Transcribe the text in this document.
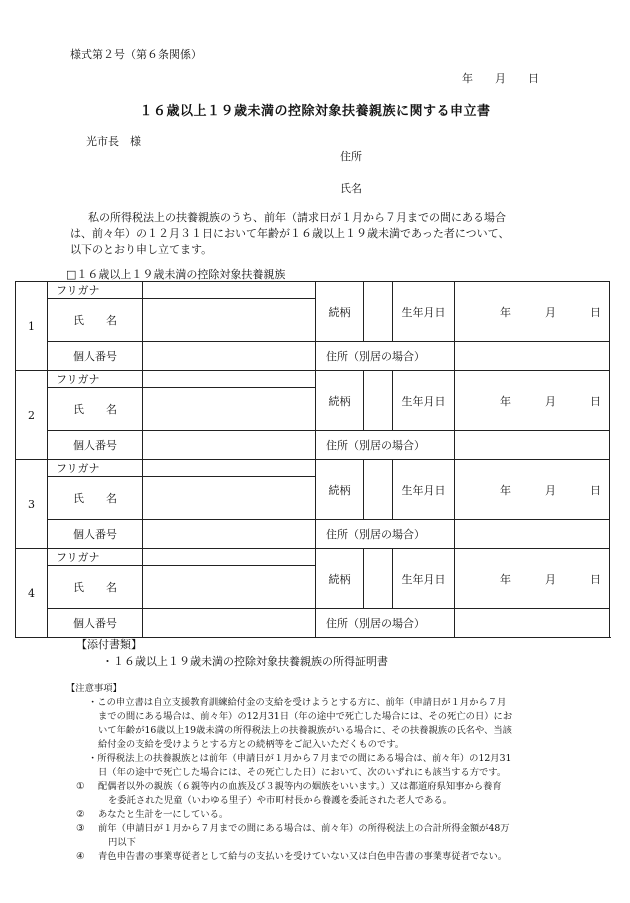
様式第２号（第６条関係）
年　　月　　日
１６歳以上１９歳未満の控除対象扶養親族に関する申立書
光市長　様
住所
氏名
私の所得税法上の扶養親族のうち、前年（請求日が１月から７月までの間にある場合
は、前々年）の１２月３１日において年齢が１６歳以上１９歳未満であった者について、
以下のとおり申し立てます。
□１６歳以上１９歳未満の控除対象扶養親族
1	フリガナ		続柄		生年月日	年 月 日
	氏　　名					
	個人番号		住所（別居の場合）			
2	フリガナ		続柄		生年月日	年 月 日
	氏　　名					
	個人番号		住所（別居の場合）			
3	フリガナ		続柄		生年月日	年 月 日
	氏　　名					
	個人番号		住所（別居の場合）			
4	フリガナ		続柄		生年月日	年 月 日
	氏　　名					
	個人番号		住所（別居の場合）			
【添付書類】
・１６歳以上１９歳未満の控除対象扶養親族の所得証明書
【注意事項】
・この申立書は自立支援教育訓練給付金の支給を受けようとする方に、前年（申請日が１月から７月
までの間にある場合は、前々年）の12月31日（年の途中で死亡した場合には、その死亡の日）にお
いて年齢が16歳以上19歳未満の所得税法上の扶養親族がいる場合に、その扶養親族の氏名や、当該
給付金の支給を受けようとする方との続柄等をご記入いただくものです。
・所得税法上の扶養親族とは前年（申請日が１月から７月までの間にある場合は、前々年）の12月31
日（年の途中で死亡した場合には、その死亡した日）において、次のいずれにも該当する方です。
①	配偶者以外の親族（６親等内の血族及び３親等内の姻族をいいます。）又は都道府県知事から養育
を委託された児童（いわゆる里子）や市町村長から養護を委託された老人である。
②	あなたと生計を一にしている。
③	前年（申請日が１月から７月までの間にある場合は、前々年）の所得税法上の合計所得金額が48万
円以下
④	青色申告書の事業専従者として給与の支払いを受けていない又は白色申告書の事業専従者でない。
